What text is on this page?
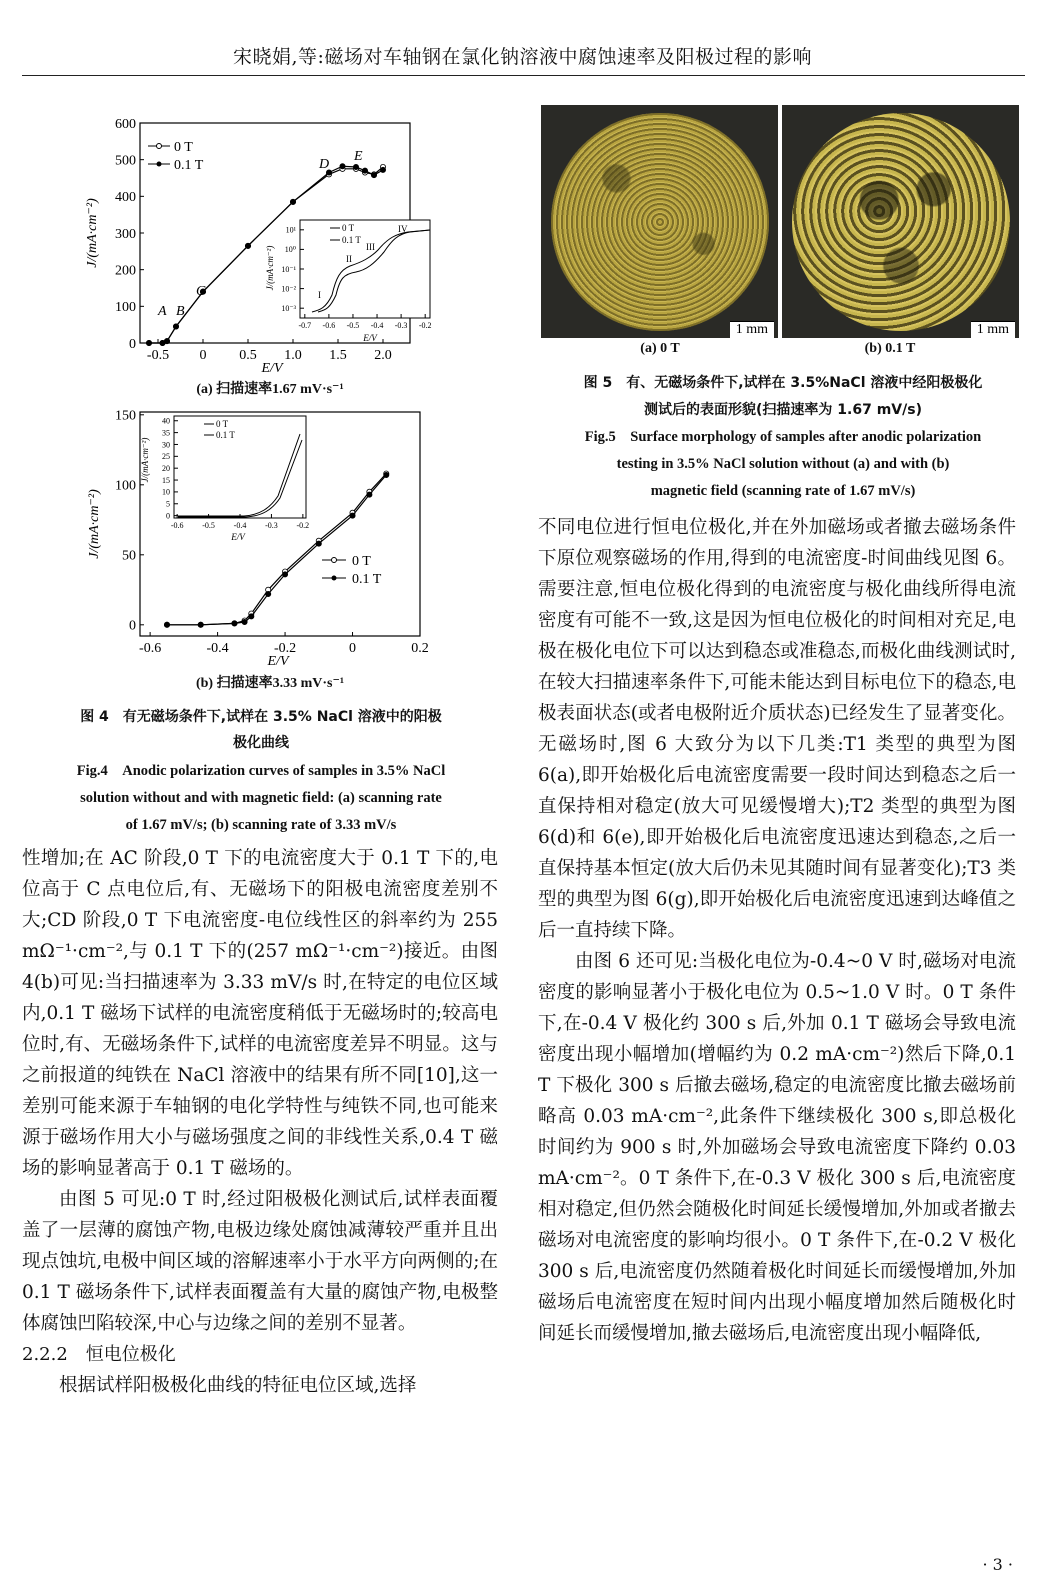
宋晓娟,等:磁场对车轴钢在氯化钠溶液中腐蚀速率及阳极过程的影响
0
100
200
300
400
500
600
-0.5 0 0.5 1.0 1.5 2.0
0 T
0.1 T
A B
C
D
E
E/V
J/(mA·cm⁻²)	10¹
10⁰
10⁻¹
10⁻²
10⁻³
-0.7 -0.6 -0.5 -0.4 -0.3 -0.2
I
II
III
IV
0 T
0.1 T
E/V
J/(mA·cm⁻²)
(a) 扫描速率1.67 mV·s⁻¹
0
50
100
150
-0.6	-0.4	-0.2	0	0.2
0 T
0.1 T
E/V
J/(mA·cm⁻²)	0
5
10
15
20
25
30
35
40
-0.6 -0.5 -0.4 -0.3 -0.2
0 T
0.1 T
E/V
J/(mA·cm⁻²)
(b) 扫描速率3.33 mV·s⁻¹
图 4　有无磁场条件下,试样在 3.5% NaCl 溶液中的阳极
极化曲线
Fig.4　Anodic polarization curves of samples in 3.5% NaCl
solution without and with magnetic field: (a) scanning rate
of 1.67 mV/s; (b) scanning rate of 3.33 mV/s

性增加;在 AC 阶段,0 T 下的电流密度大于 0.1 T 下的,电位高于 C 点电位后,有、无磁场下的阳极电流密度差别不大;CD 阶段,0 T 下电流密度-电位线性区的斜率约为 255 mΩ⁻¹·cm⁻²,与 0.1 T 下的(257 mΩ⁻¹·cm⁻²)接近。由图 4(b)可见:当扫描速率为 3.33 mV/s 时,在特定的电位区域内,0.1 T 磁场下试样的电流密度稍低于无磁场时的;较高电位时,有、无磁场条件下,试样的电流密度差异不明显。这与之前报道的纯铁在 NaCl 溶液中的结果有所不同[10],这一差别可能来源于车轴钢的电化学特性与纯铁不同,也可能来源于磁场作用大小与磁场强度之间的非线性关系,0.4 T 磁场的影响显著高于 0.1 T 磁场的。

由图 5 可见:0 T 时,经过阳极极化测试后,试样表面覆盖了一层薄的腐蚀产物,电极边缘处腐蚀减薄较严重并且出现点蚀坑,电极中间区域的溶解速率小于水平方向两侧的;在 0.1 T 磁场条件下,试样表面覆盖有大量的腐蚀产物,电极整体腐蚀凹陷较深,中心与边缘之间的差别不显著。

2.2.2　恒电位极化

根据试样阳极极化曲线的特征电位区域,选择

1 mm	1 mm
(a) 0 T	(b) 0.1 T
图 5　有、无磁场条件下,试样在 3.5%NaCl 溶液中经阳极极化
测试后的表面形貌(扫描速率为 1.67 mV/s)
Fig.5　Surface morphology of samples after anodic polarization
testing in 3.5% NaCl solution without (a) and with (b)
magnetic field (scanning rate of 1.67 mV/s)

不同电位进行恒电位极化,并在外加磁场或者撤去磁场条件下原位观察磁场的作用,得到的电流密度-时间曲线见图 6。需要注意,恒电位极化得到的电流密度与极化曲线所得电流密度有可能不一致,这是因为恒电位极化的时间相对充足,电极在极化电位下可以达到稳态或准稳态,而极化曲线测试时,在较大扫描速率条件下,可能未能达到目标电位下的稳态,电极表面状态(或者电极附近介质状态)已经发生了显著变化。无磁场时,图 6 大致分为以下几类:T1 类型的典型为图 6(a),即开始极化后电流密度需要一段时间达到稳态之后一直保持相对稳定(放大可见缓慢增大);T2 类型的典型为图 6(d)和 6(e),即开始极化后电流密度迅速达到稳态,之后一直保持基本恒定(放大后仍未见其随时间有显著变化);T3 类型的典型为图 6(g),即开始极化后电流密度迅速到达峰值之后一直持续下降。

由图 6 还可见:当极化电位为-0.4~0 V 时,磁场对电流密度的影响显著小于极化电位为 0.5~1.0 V 时。0 T 条件下,在-0.4 V 极化约 300 s 后,外加 0.1 T 磁场会导致电流密度出现小幅增加(增幅约为 0.2 mA·cm⁻²)然后下降,0.1 T 下极化 300 s 后撤去磁场,稳定的电流密度比撤去磁场前略高 0.03 mA·cm⁻²,此条件下继续极化 300 s,即总极化时间约为 900 s 时,外加磁场会导致电流密度下降约 0.03 mA·cm⁻²。0 T 条件下,在-0.3 V 极化 300 s 后,电流密度相对稳定,但仍然会随极化时间延长缓慢增加,外加或者撤去磁场对电流密度的影响均很小。0 T 条件下,在-0.2 V 极化 300 s 后,电流密度仍然随着极化时间延长而缓慢增加,外加磁场后电流密度在短时间内出现小幅度增加然后随极化时间延长而缓慢增加,撤去磁场后,电流密度出现小幅降低,

· 3 ·
